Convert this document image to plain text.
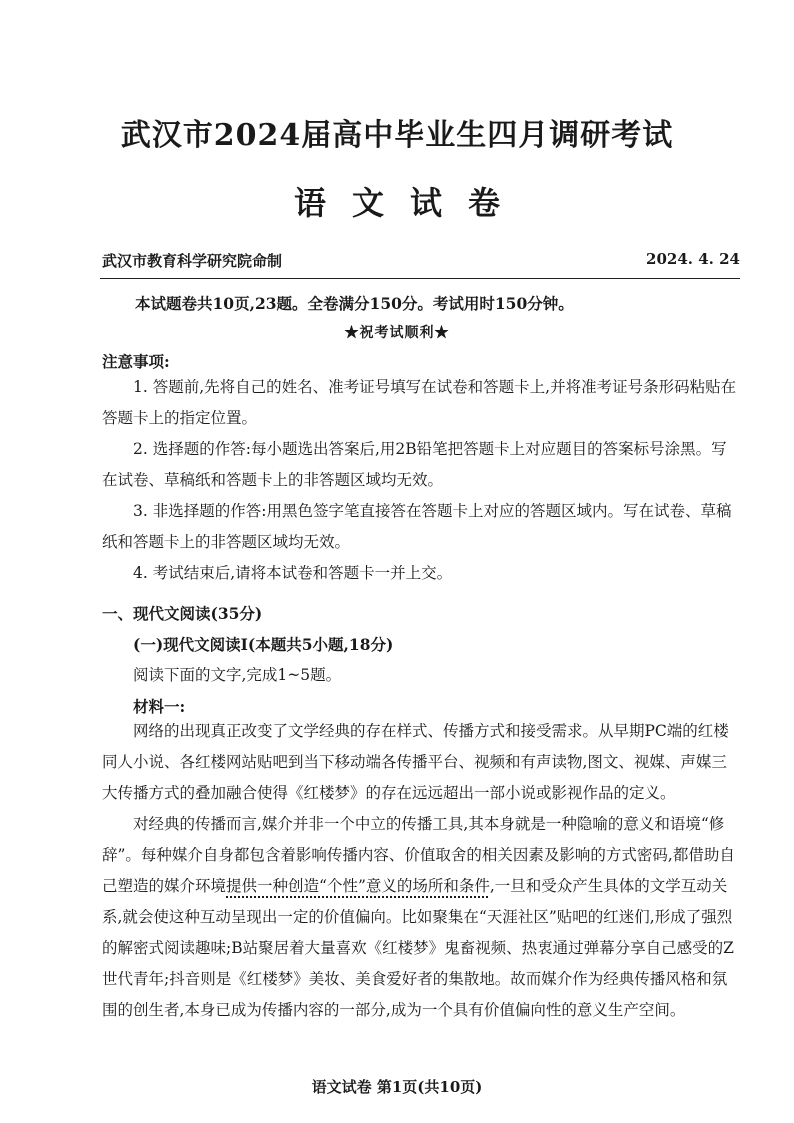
武汉市2024届高中毕业生四月调研考试
语文试卷
武汉市教育科学研究院命制	2024. 4. 24
本试题卷共10页,23题。全卷满分150分。考试用时150分钟。
★祝考试顺利★
注意事项:

1. 答题前,先将自己的姓名、准考证号填写在试卷和答题卡上,并将准考证号条形码粘贴在答题卡上的指定位置。

2. 选择题的作答:每小题选出答案后,用2B铅笔把答题卡上对应题目的答案标号涂黑。写在试卷、草稿纸和答题卡上的非答题区域均无效。

3. 非选择题的作答:用黑色签字笔直接答在答题卡上对应的答题区域内。写在试卷、草稿纸和答题卡上的非答题区域均无效。

4. 考试结束后,请将本试卷和答题卡一并上交。

一、现代文阅读(35分)

(一)现代文阅读Ⅰ(本题共5小题,18分)

阅读下面的文字,完成1~5题。

材料一:

网络的出现真正改变了文学经典的存在样式、传播方式和接受需求。从早期PC端的红楼同人小说、各红楼网站贴吧到当下移动端各传播平台、视频和有声读物,图文、视媒、声媒三大传播方式的叠加融合使得《红楼梦》的存在远远超出一部小说或影视作品的定义。

对经典的传播而言,媒介并非一个中立的传播工具,其本身就是一种隐喻的意义和语境“修辞”。每种媒介自身都包含着影响传播内容、价值取舍的相关因素及影响的方式密码,都借助自己塑造的媒介环境提供一种创造“个性”意义的场所和条件,一旦和受众产生具体的文学互动关系,就会使这种互动呈现出一定的价值偏向。比如聚集在“天涯社区”贴吧的红迷们,形成了强烈的解密式阅读趣味;B站聚居着大量喜欢《红楼梦》鬼畜视频、热衷通过弹幕分享自己感受的Z世代青年;抖音则是《红楼梦》美妆、美食爱好者的集散地。故而媒介作为经典传播风格和氛围的创生者,本身已成为传播内容的一部分,成为一个具有价值偏向性的意义生产空间。

语文试卷 第1页(共10页)
